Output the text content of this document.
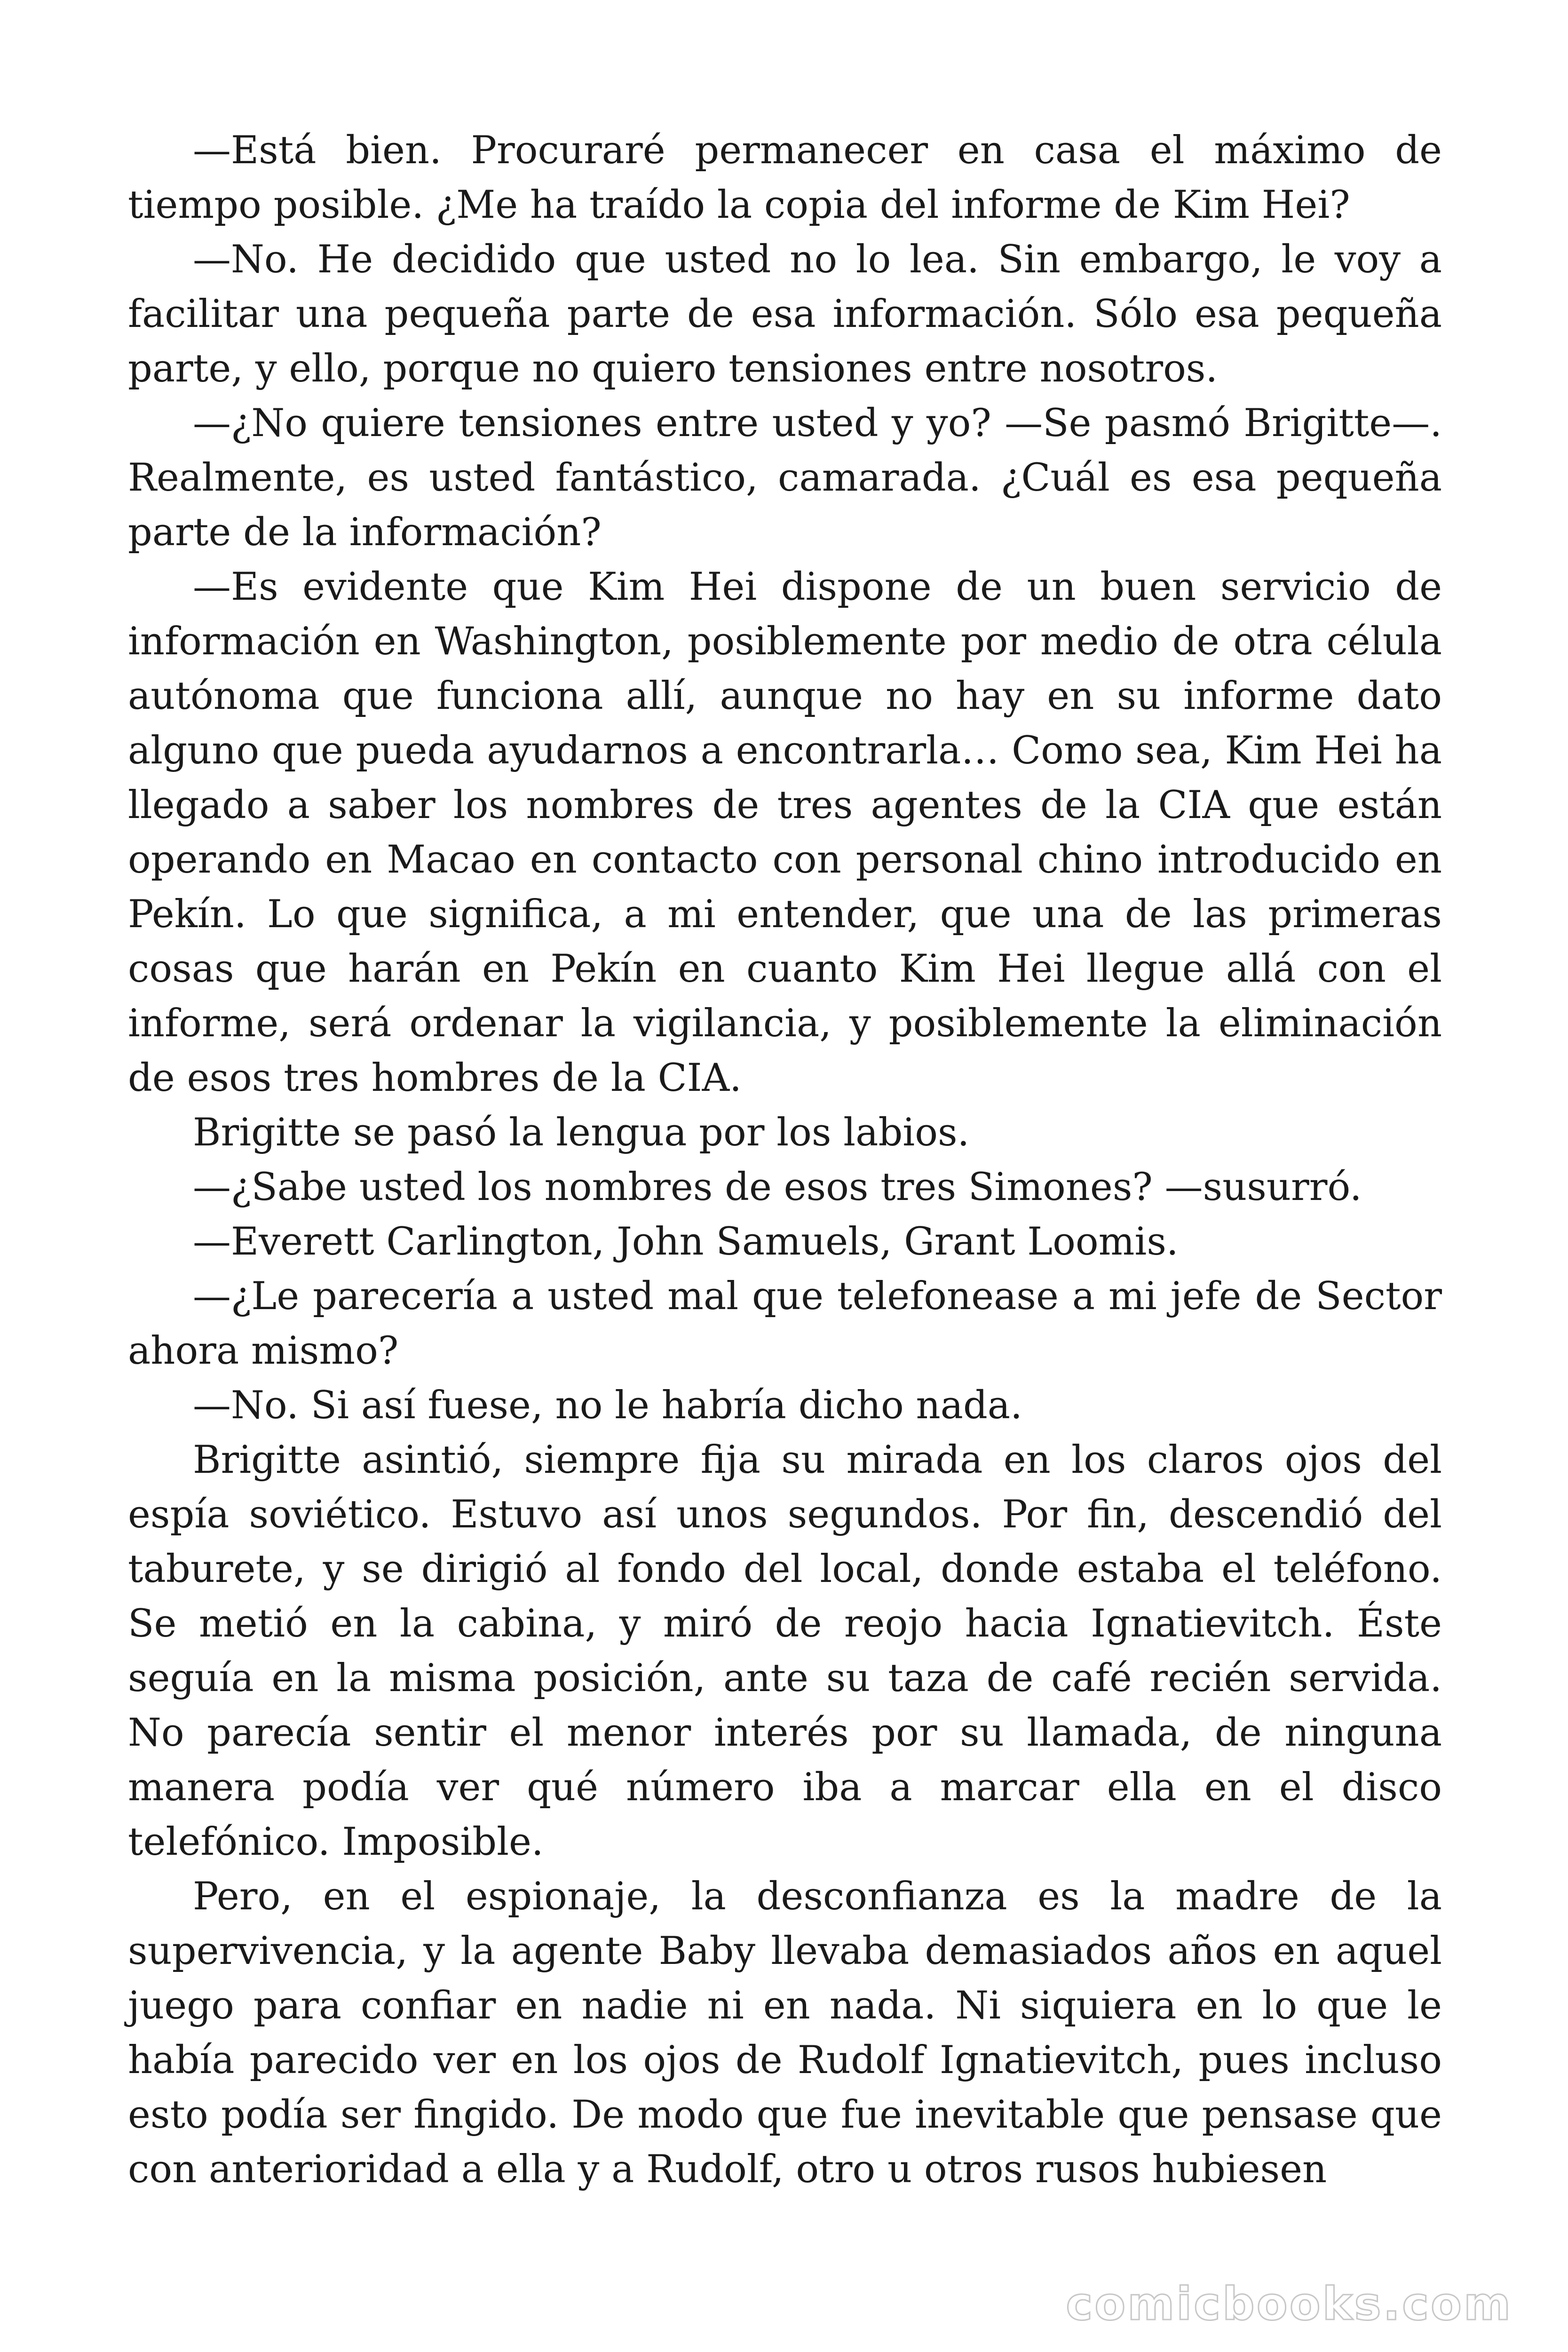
—Está bien. Procuraré permanecer en casa el máximo de tiempo posible. ¿Me ha traído la copia del informe de Kim Hei?

—No. He decidido que usted no lo lea. Sin embargo, le voy a facilitar una pequeña parte de esa información. Sólo esa pequeña parte, y ello, porque no quiero tensiones entre nosotros.

—¿No quiere tensiones entre usted y yo? —Se pasmó Brigitte—. Realmente, es usted fantástico, camarada. ¿Cuál es esa pequeña parte de la información?

—Es evidente que Kim Hei dispone de un buen servicio de información en Washington, posiblemente por medio de otra célula autónoma que funciona allí, aunque no hay en su informe dato alguno que pueda ayudarnos a encontrarla… Como sea, Kim Hei ha llegado a saber los nombres de tres agentes de la CIA que están operando en Macao en contacto con personal chino introducido en Pekín. Lo que significa, a mi entender, que una de las primeras cosas que harán en Pekín en cuanto Kim Hei llegue allá con el informe, será ordenar la vigilancia, y posiblemente la eliminación de esos tres hombres de la CIA.

Brigitte se pasó la lengua por los labios.

—¿Sabe usted los nombres de esos tres Simones? —susurró.

—Everett Carlington, John Samuels, Grant Loomis.

—¿Le parecería a usted mal que telefonease a mi jefe de Sector ahora mismo?

—No. Si así fuese, no le habría dicho nada.

Brigitte asintió, siempre fija su mirada en los claros ojos del espía soviético. Estuvo así unos segundos. Por fin, descendió del taburete, y se dirigió al fondo del local, donde estaba el teléfono. Se metió en la cabina, y miró de reojo hacia Ignatievitch. Éste seguía en la misma posición, ante su taza de café recién servida. No parecía sentir el menor interés por su llamada, de ninguna manera podía ver qué número iba a marcar ella en el disco telefónico. Imposible.

Pero, en el espionaje, la desconfianza es la madre de la supervivencia, y la agente Baby llevaba demasiados años en aquel juego para confiar en nadie ni en nada. Ni siquiera en lo que le había parecido ver en los ojos de Rudolf Ignatievitch, pues incluso esto podía ser fingido. De modo que fue inevitable que pensase que con anterioridad a ella y a Rudolf, otro u otros rusos hubiesen

comicbooks.com
